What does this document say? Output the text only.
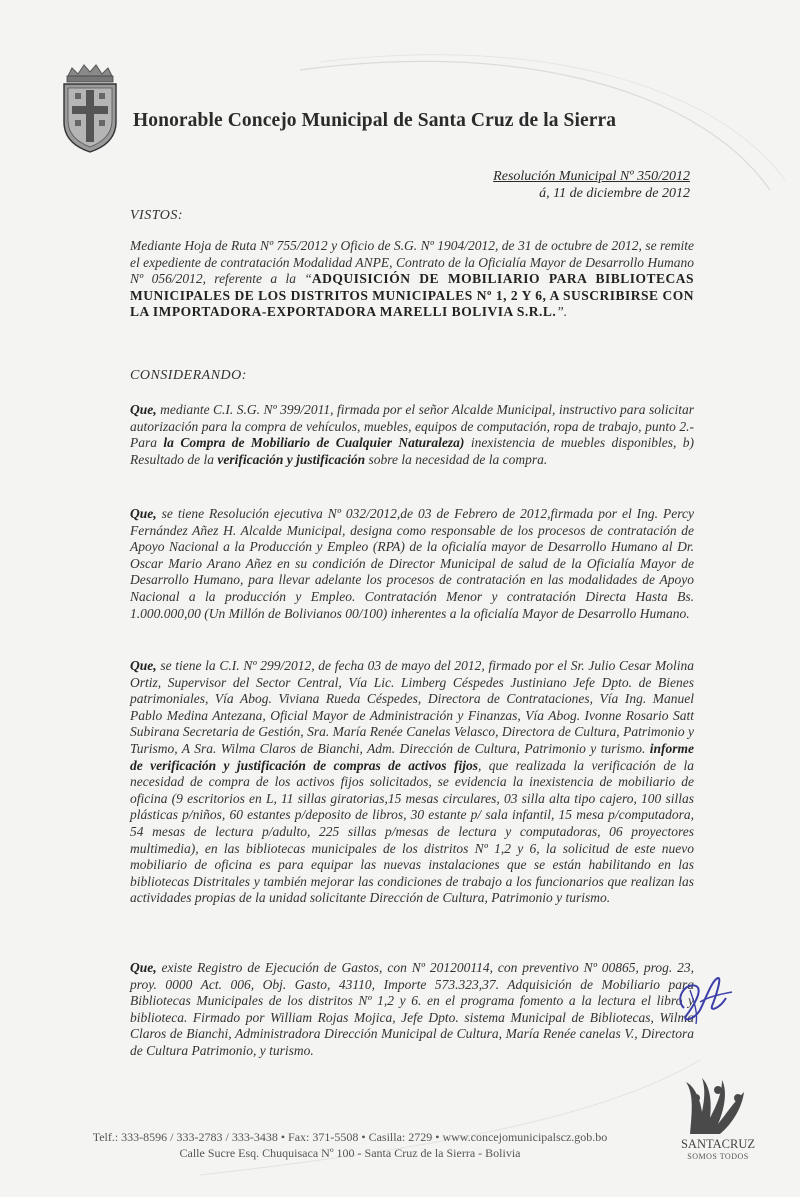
Honorable Concejo Municipal de Santa Cruz de la Sierra
Resolución Municipal Nº 350/2012
á, 11 de diciembre de 2012
VISTOS:

Mediante Hoja de Ruta Nº 755/2012 y Oficio de S.G. Nº 1904/2012, de 31 de octubre de 2012, se remite el expediente de contratación Modalidad ANPE, Contrato de la Oficialía Mayor de Desarrollo Humano Nº 056/2012, referente a la “ADQUISICIÓN DE MOBILIARIO PARA BIBLIOTECAS MUNICIPALES DE LOS DISTRITOS MUNICIPALES Nº 1, 2 Y 6, A SUSCRIBIRSE CON LA IMPORTADORA-EXPORTADORA MARELLI BOLIVIA S.R.L.”.

CONSIDERANDO:

Que, mediante C.I. S.G. Nº 399/2011, firmada por el señor Alcalde Municipal, instructivo para solicitar autorización para la compra de vehículos, muebles, equipos de computación, ropa de trabajo, punto 2.- Para la Compra de Mobiliario de Cualquier Naturaleza) inexistencia de muebles disponibles, b) Resultado de la verificación y justificación sobre la necesidad de la compra.

Que, se tiene Resolución ejecutiva Nº 032/2012,de 03 de Febrero de 2012,firmada por el Ing. Percy Fernández Añez H. Alcalde Municipal, designa como responsable de los procesos de contratación de Apoyo Nacional a la Producción y Empleo (RPA) de la oficialía mayor de Desarrollo Humano al Dr. Oscar Mario Arano Añez en su condición de Director Municipal de salud de la Oficialía Mayor de Desarrollo Humano, para llevar adelante los procesos de contratación en las modalidades de Apoyo Nacional a la producción y Empleo. Contratación Menor y contratación Directa Hasta Bs. 1.000.000,00 (Un Millón de Bolivianos 00/100) inherentes a la oficialía Mayor de Desarrollo Humano.

Que, se tiene la C.I. Nº 299/2012, de fecha 03 de mayo del 2012, firmado por el Sr. Julio Cesar Molina Ortiz, Supervisor del Sector Central, Vía Lic. Limberg Céspedes Justiniano Jefe Dpto. de Bienes patrimoniales, Vía Abog. Viviana Rueda Céspedes, Directora de Contrataciones, Vía Ing. Manuel Pablo Medina Antezana, Oficial Mayor de Administración y Finanzas, Vía Abog. Ivonne Rosario Satt Subirana Secretaria de Gestión, Sra. María Renée Canelas Velasco, Directora de Cultura, Patrimonio y Turismo, A Sra. Wilma Claros de Bianchi, Adm. Dirección de Cultura, Patrimonio y turismo. informe de verificación y justificación de compras de activos fijos, que realizada la verificación de la necesidad de compra de los activos fijos solicitados, se evidencia la inexistencia de mobiliario de oficina (9 escritorios en L, 11 sillas giratorias,15 mesas circulares, 03 silla alta tipo cajero, 100 sillas plásticas p/niños, 60 estantes p/deposito de libros, 30 estante p/ sala infantil, 15 mesa p/computadora, 54 mesas de lectura p/adulto, 225 sillas p/mesas de lectura y computadoras, 06 proyectores multimedia), en las bibliotecas municipales de los distritos Nº 1,2 y 6, la solicitud de este nuevo mobiliario de oficina es para equipar las nuevas instalaciones que se están habilitando en las bibliotecas Distritales y también mejorar las condiciones de trabajo a los funcionarios que realizan las actividades propias de la unidad solicitante Dirección de Cultura, Patrimonio y turismo.

Que, existe Registro de Ejecución de Gastos, con Nº 201200114, con preventivo Nº 00865, prog. 23, proy. 0000 Act. 006, Obj. Gasto, 43110, Importe 573.323,37. Adquisición de Mobiliario para Bibliotecas Municipales de los distritos Nº 1,2 y 6. en el programa fomento a la lectura el libro y biblioteca. Firmado por William Rojas Mojica, Jefe Dpto. sistema Municipal de Bibliotecas, Wilma Claros de Bianchi, Administradora Dirección Municipal de Cultura, María Renée canelas V., Directora de Cultura Patrimonio, y turismo.

Telf.: 333-8596 / 333-2783 / 333-3438 • Fax: 371-5508 • Casilla: 2729 • www.concejomunicipalscz.gob.bo
Calle Sucre Esq. Chuquisaca Nº 100 - Santa Cruz de la Sierra - Bolivia
SANTACRUZ
SOMOS TODOS
